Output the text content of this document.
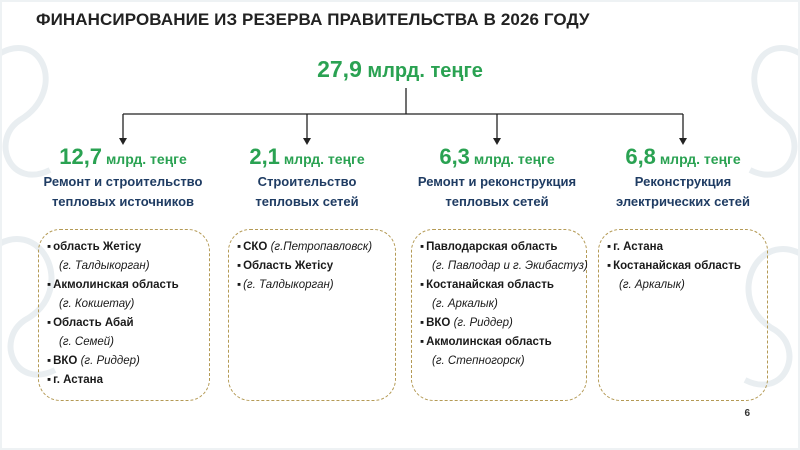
ФИНАНСИРОВАНИЕ ИЗ РЕЗЕРВА ПРАВИТЕЛЬСТВА В 2026 ГОДУ
27,9 млрд. теңге
12,7 млрд. теңге
Ремонт и строительство
тепловых источников
▪ область Жетісу
(г. Талдыкорган)
▪ Акмолинская область
(г. Кокшетау)
▪ Область Абай
(г. Семей)
▪ ВКО (г. Риддер)
▪ г. Астана
2,1 млрд. теңге
Строительство
тепловых сетей
▪ СКО (г.Петропавловск)
▪ Область Жетісу
▪ (г. Талдыкорган)
6,3 млрд. теңге
Ремонт и реконструкция
тепловых сетей
▪ Павлодарская область
(г. Павлодар и г. Экибастуз)
▪ Костанайская область
(г. Аркалык)
▪ ВКО (г. Риддер)
▪ Акмолинская область
(г. Степногорск)
6,8 млрд. теңге
Реконструкция
электрических сетей
▪ г. Астана
▪ Костанайская область
(г. Аркалык)
6
